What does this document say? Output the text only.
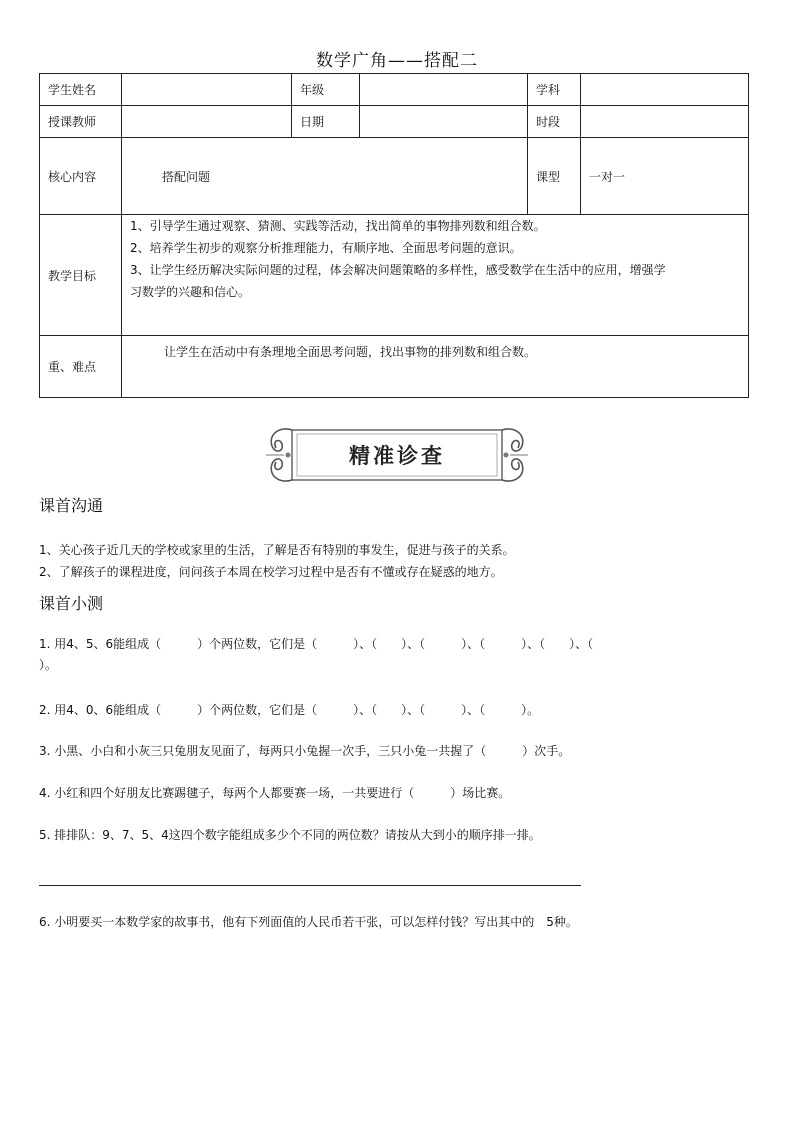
数学广角——搭配二
学生姓名		年级		学科	
授课教师		日期		时段	
核心内容	搭配问题			课型	一对一
教学目标	1、引导学生通过观察、猜测、实践等活动，找出简单的事物排列数和组合数。
2、培养学生初步的观察分析推理能力，有顺序地、全面思考问题的意识。
3、让学生经历解决实际问题的过程，体会解决问题策略的多样性，感受数学在生活中的应用，增强学
习数学的兴趣和信心。				

重、难点	让学生在活动中有条理地全面思考问题，找出事物的排列数和组合数。				
精准诊查
课首沟通
1、关心孩子近几天的学校或家里的生活，了解是否有特别的事发生，促进与孩子的关系。
2、了解孩子的课程进度，问问孩子本周在校学习过程中是否有不懂或存在疑惑的地方。
课首小测
1. 用4、5、6能组成（　　　）个两位数，它们是（　　　）、（　　）、（　　　）、（　　　）、（　　）、（
）。
2. 用4、0、6能组成（　　　）个两位数，它们是（　　　）、（　　）、（　　　）、（　　　）。
3. 小黑、小白和小灰三只兔朋友见面了，每两只小兔握一次手，三只小兔一共握了（　　　）次手。
4. 小红和四个好朋友比赛踢毽子，每两个人都要赛一场，一共要进行（　　　）场比赛。
5. 排排队：9、7、5、4这四个数字能组成多少个不同的两位数？请按从大到小的顺序排一排。
6. 小明要买一本数学家的故事书，他有下列面值的人民币若干张，可以怎样付钱？写出其中的　5种。
